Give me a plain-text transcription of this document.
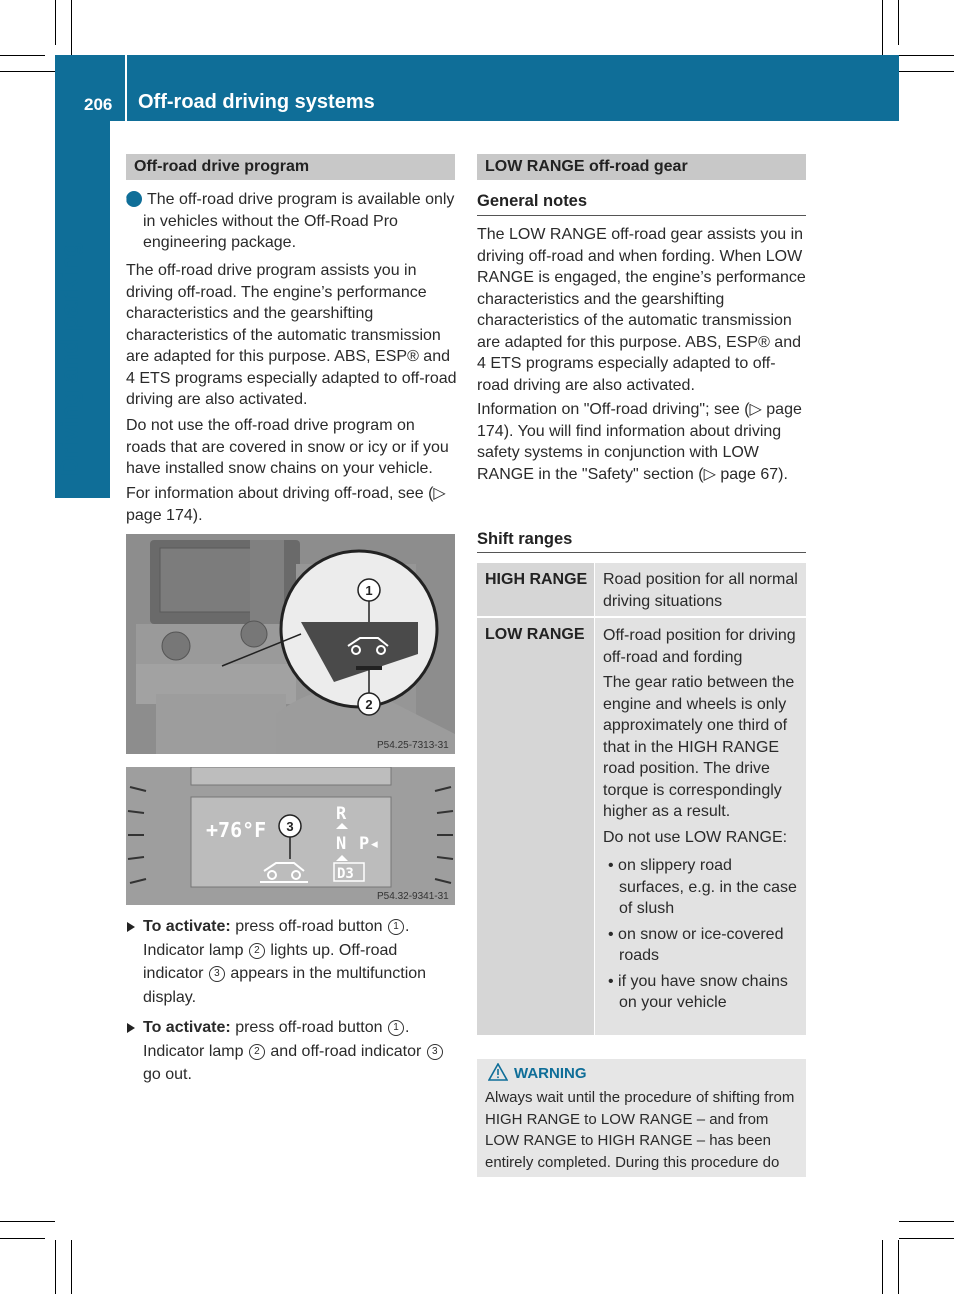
206 Off-road driving systems
Driving and parking
Off-road drive program
i The off-road drive program is available only in vehicles without the Off-Road Pro engineering package.
The off-road drive program assists you in driving off-road. The engine’s performance characteristics and the gearshifting characteristics of the automatic transmission are adapted for this purpose. ABS, ESP® and 4 ETS programs especially adapted to off-road driving are also activated.
Do not use the off-road drive program on roads that are covered in snow or icy or if you have installed snow chains on your vehicle.
For information about driving off-road, see (▷ page 174).
1
2
P54.25-7313-31
+76°F
R
N P◂
D3
3
P54.32-9341-31
To activate: press off-road button 1 . Indicator lamp 2 lights up. Off-road indicator 3 appears in the multifunction display.
To activate: press off-road button 1 . Indicator lamp 2 and off-road indicator 3 go out.
LOW RANGE off-road gear
General notes
The LOW RANGE off-road gear assists you in driving off-road and when fording. When LOW RANGE is engaged, the engine’s performance characteristics and the gearshifting characteristics of the automatic transmission are adapted for this purpose. ABS, ESP® and 4 ETS programs especially adapted to off-road driving are also activated.
Information on "Off-road driving"; see (▷ page 174). You will find information about driving safety systems in conjunction with LOW RANGE in the "Safety" section (▷ page 67).
Shift ranges
HIGH RANGE Road position for all normal driving situations
LOW RANGE	Off-road position for driving off-road and fording
The gear ratio between the engine and wheels is only approximately one third of that in the HIGH RANGE road position. The drive torque is correspondingly higher as a result.
Do not use LOW RANGE:
• on slippery road surfaces, e.g. in the case of slush
• on snow or ice-covered roads
• if you have snow chains on your vehicle
WARNING
Always wait until the procedure of shifting from HIGH RANGE to LOW RANGE – and from LOW RANGE to HIGH RANGE – has been entirely completed. During this procedure do
